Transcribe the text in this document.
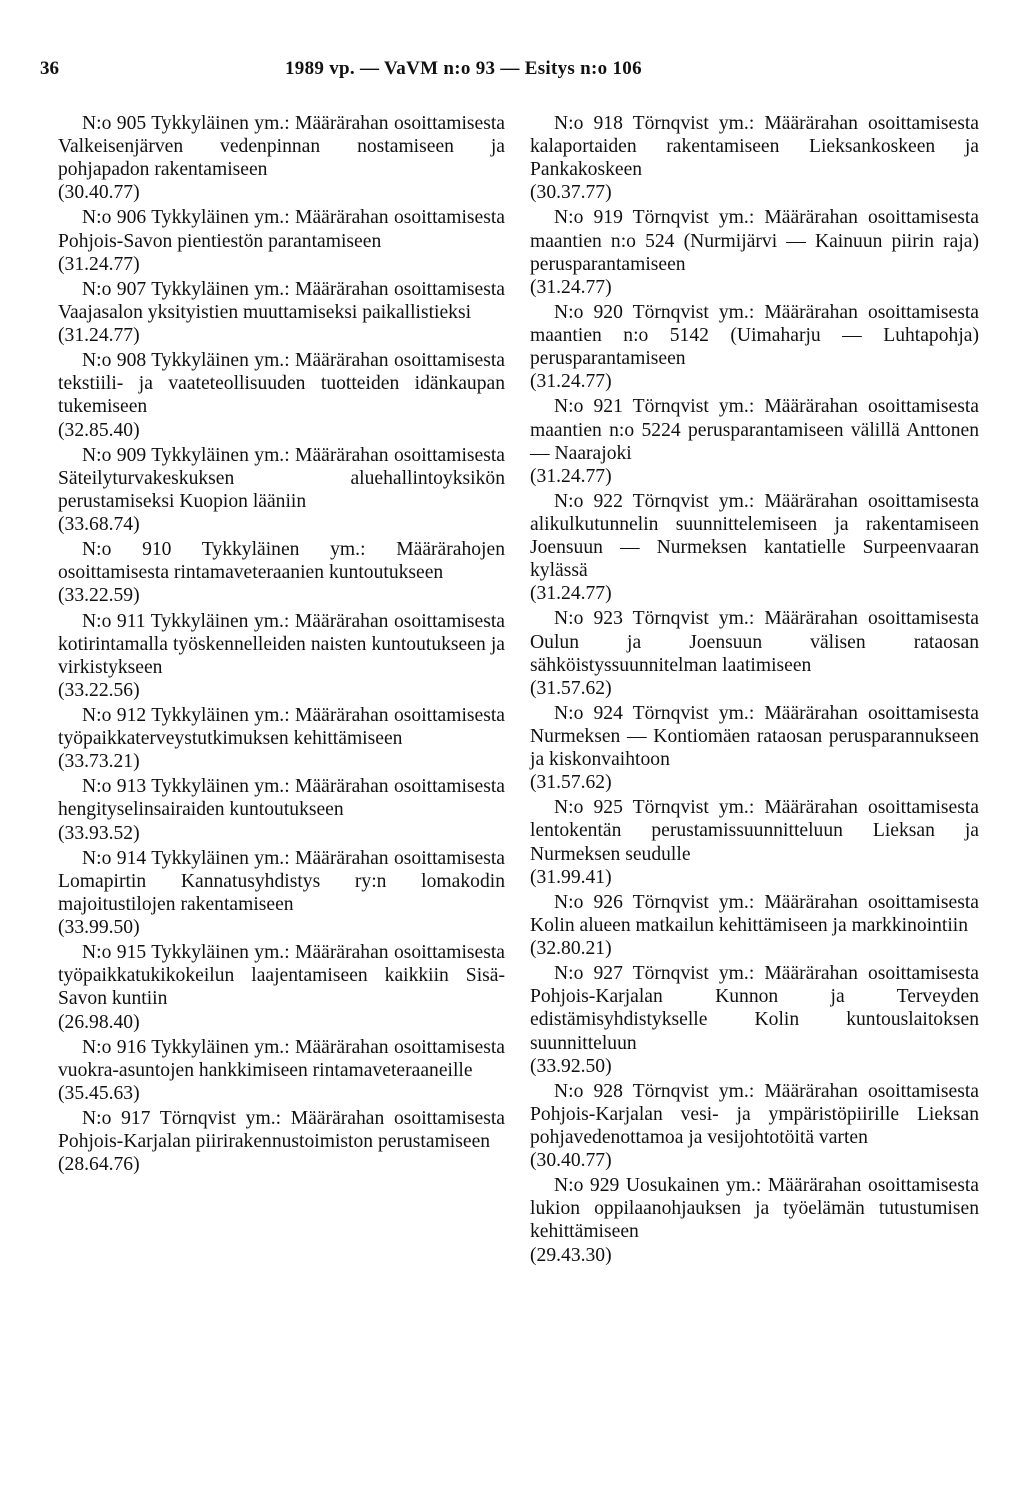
36	1989 vp. — VaVM n:o 93 — Esitys n:o 106

N:o 905 Tykkyläinen ym.: Määrärahan osoittamisesta Valkeisenjärven vedenpinnan nostamiseen ja pohjapadon rakentamiseen

(30.40.77)

N:o 906 Tykkyläinen ym.: Määrärahan osoittamisesta Pohjois-Savon pientiestön parantamiseen

(31.24.77)

N:o 907 Tykkyläinen ym.: Määrärahan osoittamisesta Vaajasalon yksityistien muuttamiseksi paikallistieksi

(31.24.77)

N:o 908 Tykkyläinen ym.: Määrärahan osoittamisesta tekstiili- ja vaateteollisuuden tuotteiden idänkaupan tukemiseen

(32.85.40)

N:o 909 Tykkyläinen ym.: Määrärahan osoittamisesta Säteilyturvakeskuksen aluehallintoyksikön perustamiseksi Kuopion lääniin

(33.68.74)

N:o 910 Tykkyläinen ym.: Määrärahojen osoittamisesta rintamaveteraanien kuntoutukseen

(33.22.59)

N:o 911 Tykkyläinen ym.: Määrärahan osoittamisesta kotirintamalla työskennelleiden naisten kuntoutukseen ja virkistykseen

(33.22.56)

N:o 912 Tykkyläinen ym.: Määrärahan osoittamisesta työpaikkaterveystutkimuksen kehittämiseen

(33.73.21)

N:o 913 Tykkyläinen ym.: Määrärahan osoittamisesta hengityselinsairaiden kuntoutukseen

(33.93.52)

N:o 914 Tykkyläinen ym.: Määrärahan osoittamisesta Lomapirtin Kannatusyhdistys ry:n lomakodin majoitustilojen rakentamiseen

(33.99.50)

N:o 915 Tykkyläinen ym.: Määrärahan osoittamisesta työpaikkatukikokeilun laajentamiseen kaikkiin Sisä-Savon kuntiin

(26.98.40)

N:o 916 Tykkyläinen ym.: Määrärahan osoittamisesta vuokra-asuntojen hankkimiseen rintamaveteraaneille

(35.45.63)

N:o 917 Törnqvist ym.: Määrärahan osoittamisesta Pohjois-Karjalan piirirakennustoimiston perustamiseen

(28.64.76)

N:o 918 Törnqvist ym.: Määrärahan osoittamisesta kalaportaiden rakentamiseen Lieksankoskeen ja Pankakoskeen

(30.37.77)

N:o 919 Törnqvist ym.: Määrärahan osoittamisesta maantien n:o 524 (Nurmijärvi — Kainuun piirin raja) perusparantamiseen

(31.24.77)

N:o 920 Törnqvist ym.: Määrärahan osoittamisesta maantien n:o 5142 (Uimaharju — Luhtapohja) perusparantamiseen

(31.24.77)

N:o 921 Törnqvist ym.: Määrärahan osoittamisesta maantien n:o 5224 perusparantamiseen välillä Anttonen — Naarajoki

(31.24.77)

N:o 922 Törnqvist ym.: Määrärahan osoittamisesta alikulkutunnelin suunnittelemiseen ja rakentamiseen Joensuun — Nurmeksen kantatielle Surpeenvaaran kylässä

(31.24.77)

N:o 923 Törnqvist ym.: Määrärahan osoittamisesta Oulun ja Joensuun välisen rataosan sähköistyssuunnitelman laatimiseen

(31.57.62)

N:o 924 Törnqvist ym.: Määrärahan osoittamisesta Nurmeksen — Kontiomäen rataosan perusparannukseen ja kiskonvaihtoon

(31.57.62)

N:o 925 Törnqvist ym.: Määrärahan osoittamisesta lentokentän perustamissuunnitteluun Lieksan ja Nurmeksen seudulle

(31.99.41)

N:o 926 Törnqvist ym.: Määrärahan osoittamisesta Kolin alueen matkailun kehittämiseen ja markkinointiin

(32.80.21)

N:o 927 Törnqvist ym.: Määrärahan osoittamisesta Pohjois-Karjalan Kunnon ja Terveyden edistämisyhdistykselle Kolin kuntouslaitoksen suunnitteluun

(33.92.50)

N:o 928 Törnqvist ym.: Määrärahan osoittamisesta Pohjois-Karjalan vesi- ja ympäristöpiirille Lieksan pohjavedenottamoa ja vesijohtotöitä varten

(30.40.77)

N:o 929 Uosukainen ym.: Määrärahan osoittamisesta lukion oppilaanohjauksen ja työelämän tutustumisen kehittämiseen

(29.43.30)
